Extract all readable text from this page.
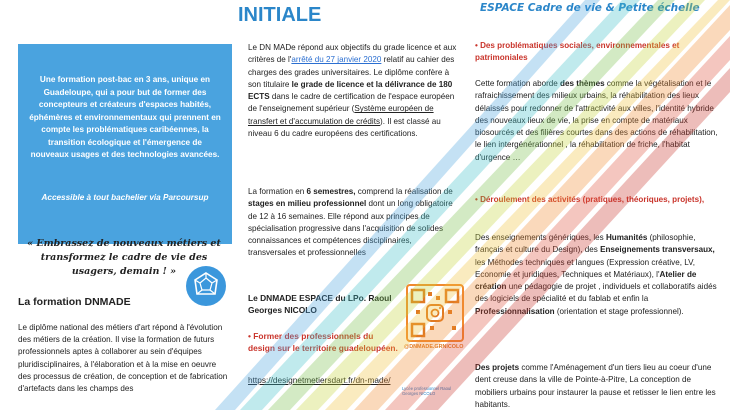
Une formation post-bac en 3 ans, unique en Guadeloupe, qui a pour but de former des concepteurs et créateurs d'espaces habités, éphémères et environnementaux qui prennent en compte les problématiques caribéennes, la transition écologique et l'émergence de nouveaux usages et des technologies avancées.
Accessible à tout bachelier via Parcoursup
« Embrassez de nouveaux métiers et transformez le cadre de vie des usagers, demain ! »
La formation DNMADE
Le diplôme national des métiers d'art répond à l'évolution des métiers de la création. Il vise la formation de futurs professionnels aptes à collaborer au sein d'équipes pluridisciplinaires, à l'élaboration et à la mise en oeuvre des processus de création, de conception et de fabrication d'artefacts dans les champs des
INITIALE
Le DN MADe répond aux objectifs du grade licence et aux critères de l'arrêté du 27 janvier 2020 relatif au cahier des charges des grades universitaires. Le diplôme confère à son titulaire le grade de licence et la délivrance de 180 ECTS dans le cadre de certification de l'espace européen de l'enseignement supérieur (Système européen de transfert et d'accumulation de crédits). Il est classé au niveau 6 du cadre européens des certifications.
La formation en 6 semestres, comprend la réalisation de stages en milieu professionnel dont un long obligatoire de 12 à 16 semaines. Elle répond aux principes de spécialisation progressive dans l'acquisition de solides connaissances et compétences disciplinaires, transversales et professionnelles
Le DNMADE ESPACE du LPo. Raoul Georges NICOLO
• Former des professionnels du design sur le territoire guadeloupéen.
https://designetmetiersdart.fr/dn-made/
@DNMADE.GRNICOLO
Lycée professionnel Raoul Georges NICOLO
ESPACE Cadre de vie & Petite échelle
• Des problématiques sociales, environnementales et patrimoniales
Cette formation aborde des thèmes comme la végétalisation et le rafraichissement des milieux urbains, la réhabilitation des lieux délaissés pour redonner de l'attractivité aux villes, l'identité hybride des nouveaux lieux de vie, la prise en compte de matériaux biosourcés et des filières courtes dans des actions de réhabilitation, le lien intergénérationnel , la réhabilitation de friche, l'habitat d'urgence …
• Déroulement des activités (pratiques, théoriques, projets),
Des enseignements génériques, les Humanités (philosophie, français et culture du Design), des Enseignements transversaux, les Méthodes techniques et langues (Expression créative, LV, Economie et juridiques, Techniques et Matériaux), l'Atelier de création une pédagogie de projet , individuels et collaboratifs aidés des logiciels de spécialité et du fablab et enfin la Professionnalisation (orientation et stage professionnel).
Des projets comme l'Aménagement d'un tiers lieu au coeur d'une dent creuse dans la ville de Pointe-à-Pitre, La conception de mobiliers urbains pour instaurer la pause et retisser le lien entre les habitants.
